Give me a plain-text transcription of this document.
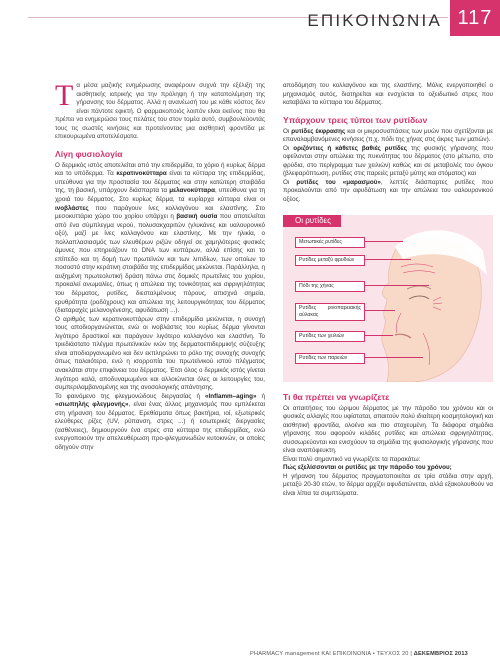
ΕΠΙΚΟΙΝΩΝΙΑ 117

Τα μέσα μαζικής ενημέρωσης αναφέρουν συχνά την εξέλιξη της αισθητικής ιατρικής για την πρόληψη ή την καταπολέμηση της γήρανσης του δέρματος. Αλλά η ανανέωσή του με κάθε κόστος δεν είναι πάντοτε εφικτή. Ο φαρμακοποιός λοιπόν είναι εκείνος που θα πρέπει να ενημερώσει τους πελάτες του στον τομέα αυτό, συμβουλεύοντάς τους τις σωστές κινήσεις και προτείνοντας μια αισθητική φροντίδα με επικουρωμένα αποτελέσματα.

Λίγη φυσιολογία

Ο δερμικός ιστός αποτελείται από την επιδερμίδα, το χόριο ή κυρίως δέρμα και το υπόδερμα. Τα κερατινοκύτταρα είναι τα κύτταρα της επιδερμίδας, υπεύθυνα για την προστασία του δέρματος και στην κατώτερη στοιβάδα της, τη βασική, υπάρχουν διάσπαρτα τα μελανοκύτταρα, υπεύθυνα για τη χροιά του δέρματος. Στο κυρίως δέρμα, τα κυρίαρχα κύτταρα είναι οι ινοβλάστες που παράγουν ίνες κολλαγόνου και ελαστίνης. Στο μεσοκυττάριο χώρο του χορίου υπάρχει η βασική ουσία που αποτελείται από ένα σύμπλεγμα νερού, πολυσακχαριτών (γλυκάνες και υαλουρονικό οξύ), μαζί με ίνες κολλαγόνου και ελαστίνης. Με την ηλικία, ο πολλαπλασιασμός των ελευθέρων ριζών οδηγεί σε χαμηλότερες φυσικές άμυνες που επηρεάζουν το DNA των κυττάρων, αλλά επίσης και το επίπεδο και τη δομή των πρωτεϊνών και των λιπιδίων, των οποίων το ποσοστό στην κεράτινη στοιβάδα της επιδερμίδας μειώνεται. Παράλληλα, η αυξημένη πρωτεολυτική δράση πάνω στις δομικές πρωτεΐνες του χορίου, προκαλεί ανωμαλίες, όπως η απώλεια της τονικότητας και σφριγηλότητας του δέρματος, ρυτίδες, διεσταλμένους πόρους, απισχνά σημεία, ερυθρότητα (ροδόχρους) και απώλεια της λειτουργικότητας του δέρματος (διαταραχές μελανογένεσης, αφυδάτωση ...).

Ο αριθμός των κερατινοκυττάρων στην επιδερμίδα μειώνεται, η συνοχή τους αποδιοργανώνεται, ενώ οι ινοβλάστες του κυρίως δέρμα γίνονται λιγότερο δραστικοί και παράγουν λιγότερο κολλαγόνο και ελαστίνη. Το τριεδιάστατο πλέγμα πρωτεϊνικών ινών της δερματοεπιδερμικής σύζευξης είναι αποδιοργανωμένο και δεν εκπληρώνει το ρόλο της συνοχής συνοχής όπως παλαιότερα, ενώ η ισορροπία του πρωτεϊνικού ιστού πλέγματος ανακλάται στην επιφάνεια του δέρματος. Έτσι όλος ο δερμικός ιστός γίνεται λιγότερο καλά, αποδυναμωμένοι και αλλοιώνεται όλες οι λειτουργίες του, συμπεριλαμβανομένης και της ανοσολογικής απάντησης.

Το φαινόμενο της φλεγμονώδους διεργασίας ή «Inflamm–aging» ή «σιωπηλής φλεγμονής», είναι ένας άλλος μηχανισμός που εμπλέκεται στη γήρανση του δέρματος. Ερεθίσματα όπως βακτήρια, ιοί, εξωτερικές ελεύθερες ρίζες (UV, ρύπανση, στρες ...) ή εσωτερικές διεργασίες (ασθένειες), δημιουργούν ένα στρες στα κύτταρα της επιδερμίδας, ενώ ενεργοποιούν την απελευθέρωση προ-φλεγμονωδών κυτοκινών, οι οποίες οδηγούν στην

αποδόμηση του κολλαγόνου και της ελαστίνης. Μόλις ενεργοποιηθεί ο μηχανισμός αυτός, διατηρείται και ενσχύεται το οξειδωτικό στρες που καταβάλει τα κύτταρα του δέρματος.

Υπάρχουν τρεις τύποι των ρυτίδων

Οι ρυτίδες έκφρασης και οι μικροσυσπάσεις των μυών που σχετίζονται με επαναλαμβανόμενες κινήσεις (π.χ. πόδι της χήνας στις άκρες των ματιών).

Οι οριζόντιες ή κάθετες βαθιές ρυτίδες της φυσικής γήρανσης που οφείλονται στην απώλεια της πυκνότητας του δέρματος (στο μέτωπο, στο φρύδια, στο περίγραμμα των χειλιών) καθώς και σε μεταβολές του όγκου (βλεφαρόπτωση, ρυτίδες στις παρειές μεταξύ μύτης και στόματος) και

Οι ρυτίδες του «μαρασμού», λεπτές διάσπαρτες ρυτίδες που προκαλούνται από την αφυδάτωση και την απώλεια του υαλουρονικού οξέος.

Οι ρυτίδες
Μετωπικές ρυτίδες
Ρυτίδες μεταξύ φρυδιών
Πόδι της χήνας
Ρυτίδες ρινοπαρειακής αύλακας
Ρυτίδες των χειλιών
Ρυτίδες των παρειών
Τι θα πρέπει να γνωρίζετε

Οι απαιτήσεις του ώριμου δέρματος με την πάροδο του χρόνου και οι φυσικές αλλαγές που υφίσταται, απαιτούν πολύ ιδιαίτερη κοσμητολογική και αισθητική φροντίδα, ολοένα και πιο στοχευμένη. Τα διάφορα σημάδια γήρανσης που αφορούν κιλάδες ρυτίδες και απώλεια σφριγηλότητας, συσσωρεύονται και ενισχύουν τα σημάδια της φυσιολογικής γήρανσης που είναι αναπόφευκτη.

Είναι πολύ σημαντικό να γνωρίζετε τα παρακάτω:

Πώς εξελίσσονται οι ρυτίδες με την πάροδο του χρόνου;
Η γήρανση του δέρματος πραγματοποιείται σε τρία στάδια στην αρχή, μεταξύ 20-30 ετών, το δέρμα αρχίζει αφυδατώνεται, αλλά εξακολουθούν να είναι λίπια τα συμπτώματα.

PHARMACY management ΚΑΙ ΕΠΙΚΟΙΝΩΝΙΑ • ΤΕΥΧΟΣ 20 | ΔΕΚΕΜΒΡΙΟΣ 2013
